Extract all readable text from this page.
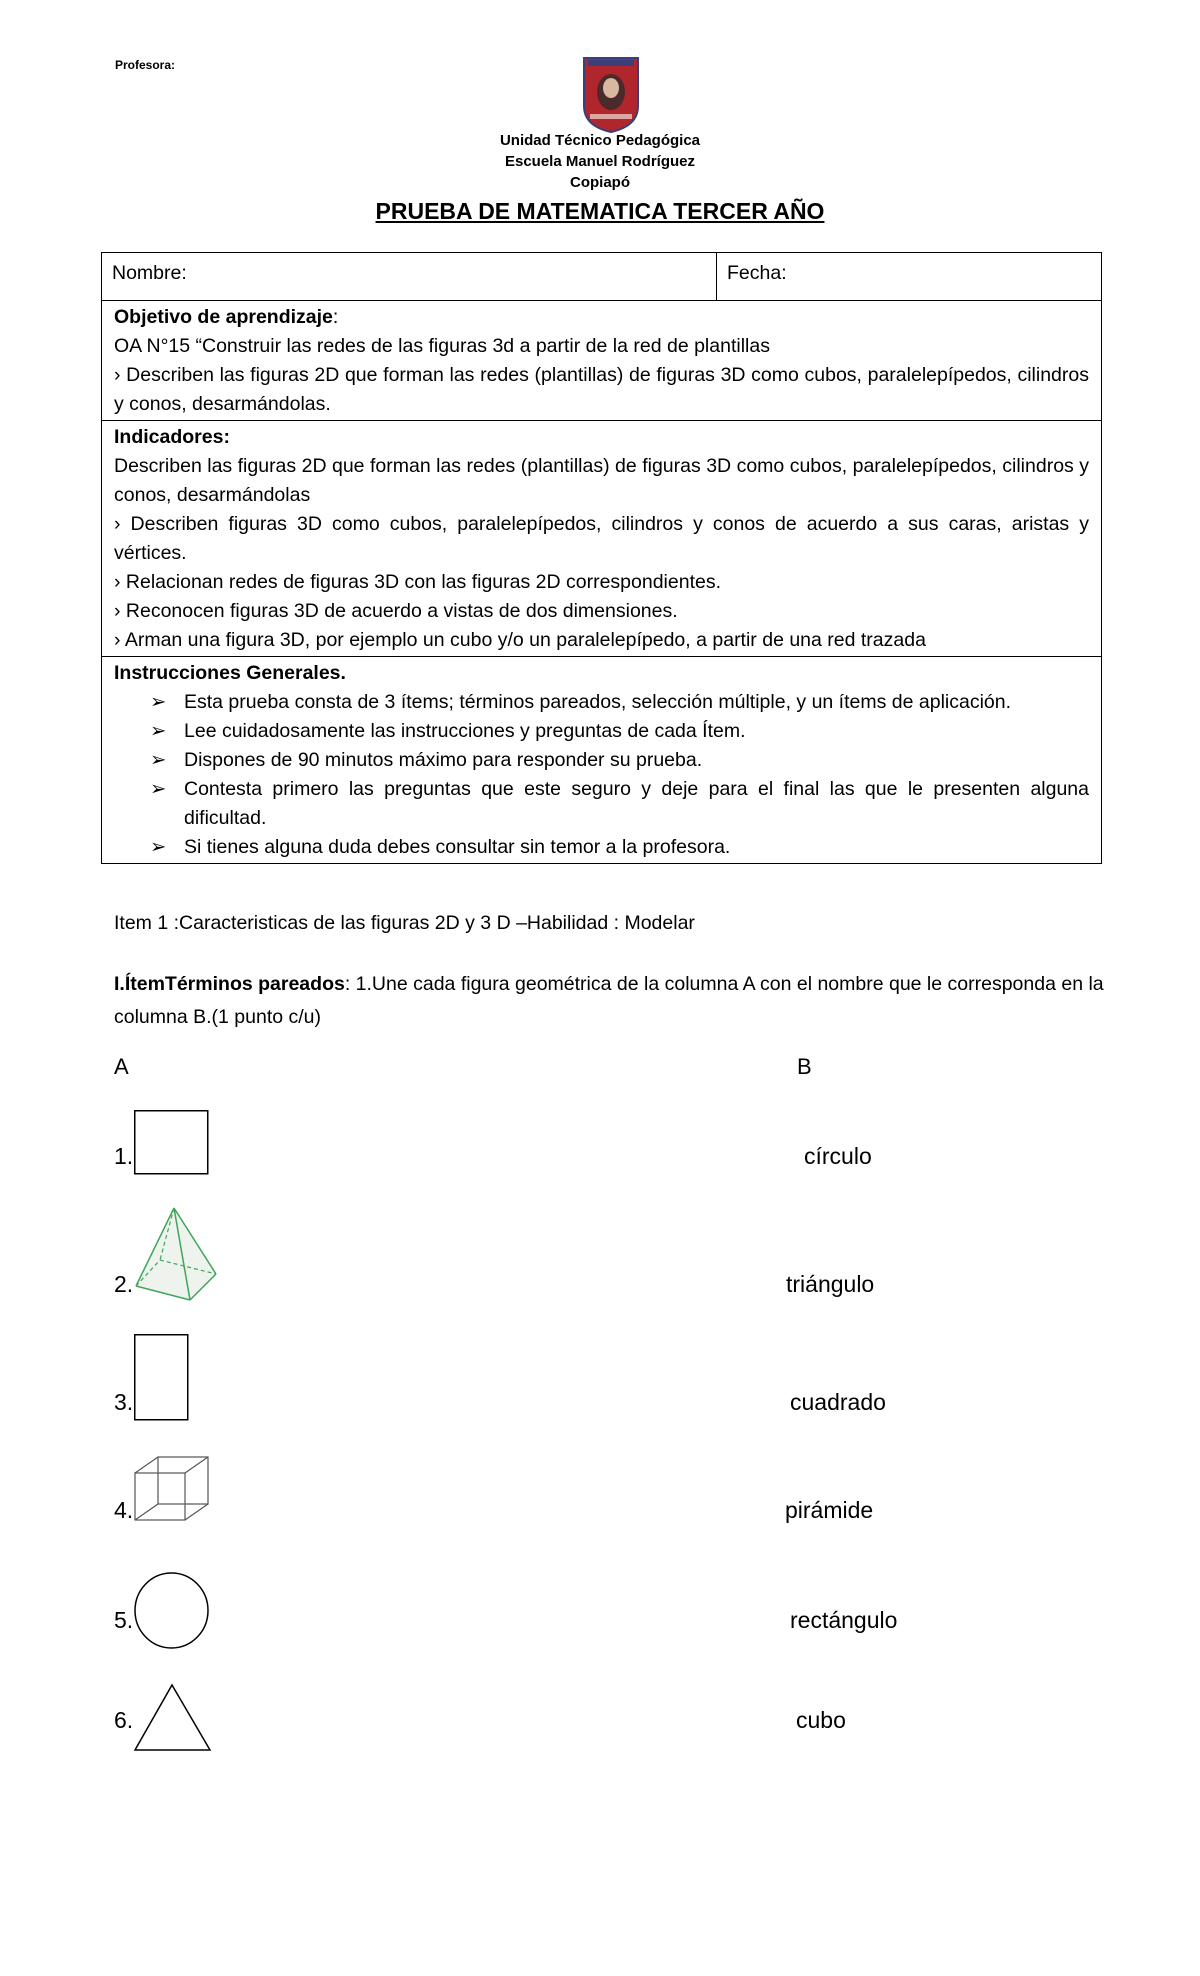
Profesora:
Unidad Técnico Pedagógica
Escuela Manuel Rodríguez
Copiapó
PRUEBA DE MATEMATICA TERCER AÑO
Nombre:	Fecha:

Objetivo de aprendizaje:

OA N°15 “Construir las redes de las figuras 3d a partir de la red de plantillas

› Describen las figuras 2D que forman las redes (plantillas) de figuras 3D como cubos, paralelepípedos, cilindros y conos, desarmándolas.

Indicadores:

Describen las figuras 2D que forman las redes (plantillas) de figuras 3D como cubos, paralelepípedos, cilindros y conos, desarmándolas

› Describen figuras 3D como cubos, paralelepípedos, cilindros y conos de acuerdo a sus caras, aristas y vértices.

› Relacionan redes de figuras 3D con las figuras 2D correspondientes.

› Reconocen figuras 3D de acuerdo a vistas de dos dimensiones.

› Arman una figura 3D, por ejemplo un cubo y/o un paralelepípedo, a partir de una red trazada

Instrucciones Generales.

➢ Esta prueba consta de 3 ítems; términos pareados, selección múltiple, y un ítems de aplicación.
➢ Lee cuidadosamente las instrucciones y preguntas de cada Ítem.
➢ Dispones de 90 minutos máximo para responder su prueba.
➢ Contesta primero las preguntas que este seguro y deje para el final las que le presenten alguna dificultad.
➢ Si tienes alguna duda debes consultar sin temor a la profesora.
Item 1 :Caracteristicas de las figuras 2D y 3 D –Habilidad : Modelar
I.ÍtemTérminos pareados: 1.Une cada figura geométrica de la columna A con el nombre que le corresponda en la columna B.(1 punto c/u)
A	B
1.	círculo
2.	triángulo
3.	cuadrado
4.	pirámide
5.	rectángulo
6.	cubo
